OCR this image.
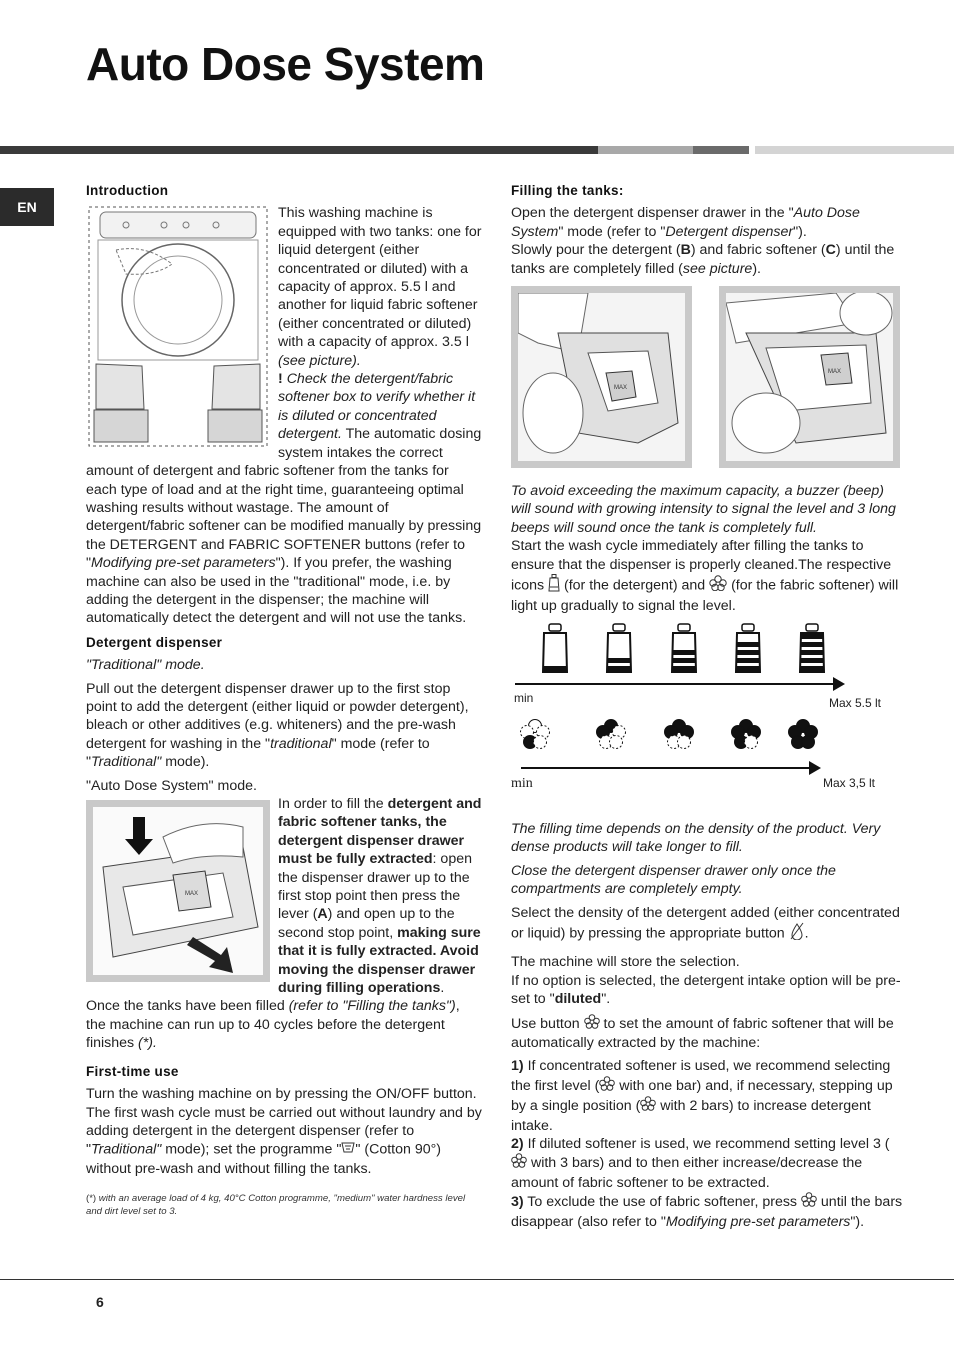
Auto Dose System
EN
Introduction

This washing machine is equipped with two tanks: one for liquid detergent (either concentrated or diluted) with a capacity of approx. 5.5 l and another for liquid fabric softener (either concentrated or diluted) with a capacity of approx. 3.5 l (see picture).
! Check the detergent/fabric softener box to verify whether it is diluted or concentrated detergent. The automatic dosing system intakes the correct amount of detergent and fabric softener from the tanks for each type of load and at the right time, guaranteeing optimal washing results without wastage. The amount of detergent/fabric softener can be modified manually by pressing the DETERGENT and FABRIC SOFTENER buttons (refer to "Modifying pre-set parameters"). If you prefer, the washing machine can also be used in the "traditional" mode, i.e. by adding the detergent in the dispenser; the machine will automatically detect the detergent and will not use the tanks.

Detergent dispenser

"Traditional" mode.

Pull out the detergent dispenser drawer up to the first stop point to add the detergent (either liquid or powder detergent), bleach or other additives (e.g. whiteners) and the pre-wash detergent for washing in the "traditional" mode (refer to "Traditional" mode).

"Auto Dose System" mode.

MAX

In order to fill the detergent and fabric softener tanks, the detergent dispenser drawer must be fully extracted: open the dispenser drawer up to the first stop point then press the lever (A) and open up to the second stop point, making sure that it is fully extracted. Avoid moving the dispenser drawer during filling operations. Once the tanks have been filled (refer to "Filling the tanks"), the machine can run up to 40 cycles before the detergent finishes (*).

First-time use

Turn the washing machine on by pressing the ON/OFF button. The first wash cycle must be carried out without laundry and by adding detergent in the detergent dispenser (refer to "Traditional" mode); set the programme " " (Cotton 90°) without pre-wash and without filling the tanks.

(*) with an average load of 4 kg, 40°C Cotton programme, "medium" water hardness level and dirt level set to 3.

Filling the tanks:

Open the detergent dispenser drawer in the "Auto Dose System" mode (refer to "Detergent dispenser").

Slowly pour the detergent (B) and fabric softener (C) until the tanks are completely filled (see picture).

MAX
MAX

To avoid exceeding the maximum capacity, a buzzer (beep) will sound with growing intensity to signal the level and 3 long beeps will sound once the tank is completely full.

Start the wash cycle immediately after filling the tanks to ensure that the dispenser is properly cleaned.The respective icons  (for the detergent) and  (for the fabric softener) will light up gradually to signal the level.

min	Max 5.5 lt
min	Max 3,5 lt

The filling time depends on the density of the product. Very dense products will take longer to fill.

Close the detergent dispenser drawer only once the compartments are completely empty.

Select the density of the detergent added (either concentrated or liquid) by pressing the appropriate button .

The machine will store the selection.

If no option is selected, the detergent intake option will be pre-set to "diluted".

Use button  to set the amount of fabric softener that will be automatically extracted by the machine:

1) If concentrated softener is used, we recommend selecting the first level ( with one bar) and, if necessary, stepping up by a single position ( with 2 bars) to increase detergent intake.

2) If diluted softener is used, we recommend setting level 3 ( with 3 bars) and to then either increase/decrease the amount of fabric softener to be extracted.

3) To exclude the use of fabric softener, press  until the bars disappear (also refer to "Modifying pre-set parameters").

6
